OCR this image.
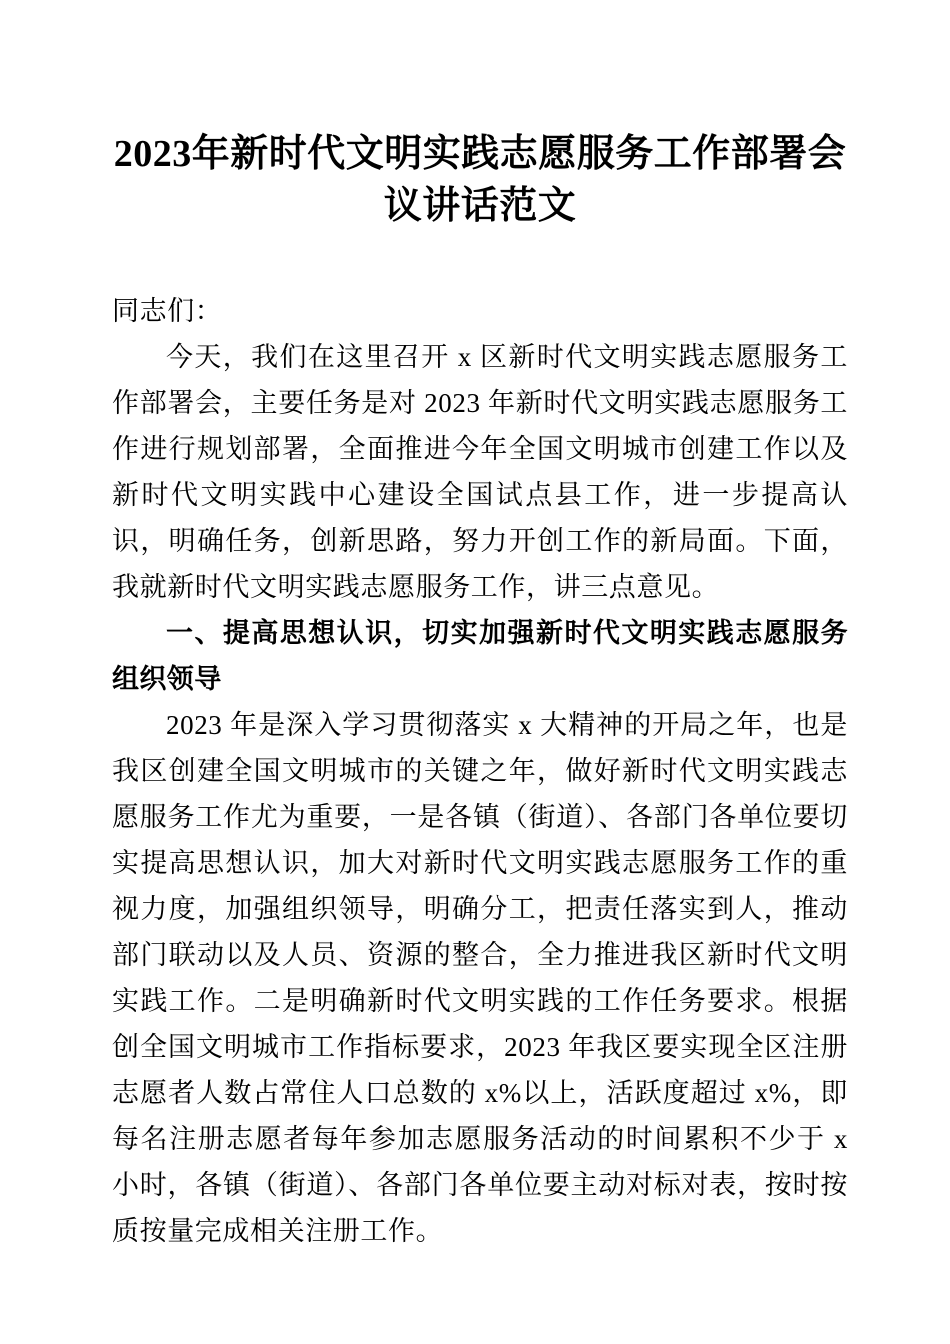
2023年新时代文明实践志愿服务工作部署会议讲话范文

同志们：

今天，我们在这里召开 x 区新时代文明实践志愿服务工作部署会，主要任务是对 2023 年新时代文明实践志愿服务工作进行规划部署，全面推进今年全国文明城市创建工作以及新时代文明实践中心建设全国试点县工作，进一步提高认识，明确任务，创新思路，努力开创工作的新局面。下面，我就新时代文明实践志愿服务工作，讲三点意见。

一、提高思想认识，切实加强新时代文明实践志愿服务组织领导

2023 年是深入学习贯彻落实 x 大精神的开局之年，也是我区创建全国文明城市的关键之年，做好新时代文明实践志愿服务工作尤为重要，一是各镇（街道）、各部门各单位要切实提高思想认识，加大对新时代文明实践志愿服务工作的重视力度，加强组织领导，明确分工，把责任落实到人，推动部门联动以及人员、资源的整合，全力推进我区新时代文明实践工作。二是明确新时代文明实践的工作任务要求。根据创全国文明城市工作指标要求，2023 年我区要实现全区注册志愿者人数占常住人口总数的 x%以上，活跃度超过 x%，即每名注册志愿者每年参加志愿服务活动的时间累积不少于 x 小时，各镇（街道）、各部门各单位要主动对标对表，按时按质按量完成相关注册工作。
